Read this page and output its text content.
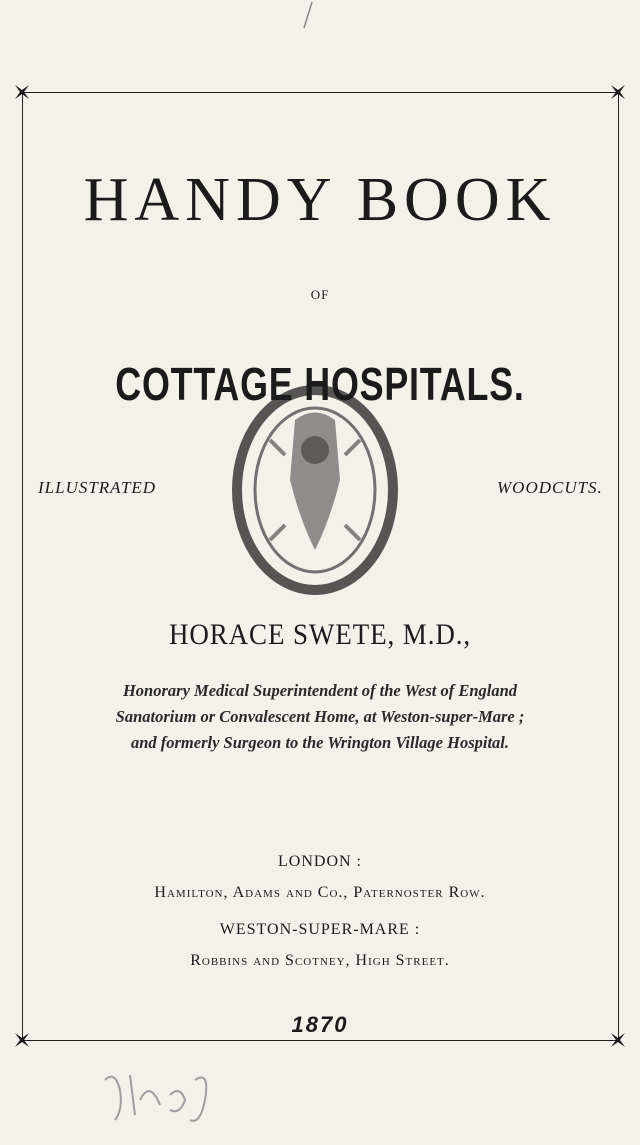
HANDY BOOK
OF
COTTAGE HOSPITALS.
ILLUSTRATED	WOODCUTS.
HORACE SWETE, M.D.,
Honorary Medical Superintendent of the West of England
Sanatorium or Convalescent Home, at Weston-super-Mare ;
and formerly Surgeon to the Wrington Village Hospital.
LONDON :
Hamilton, Adams and Co., Paternoster Row.
WESTON-SUPER-MARE :
Robbins and Scotney, High Street.
1870
